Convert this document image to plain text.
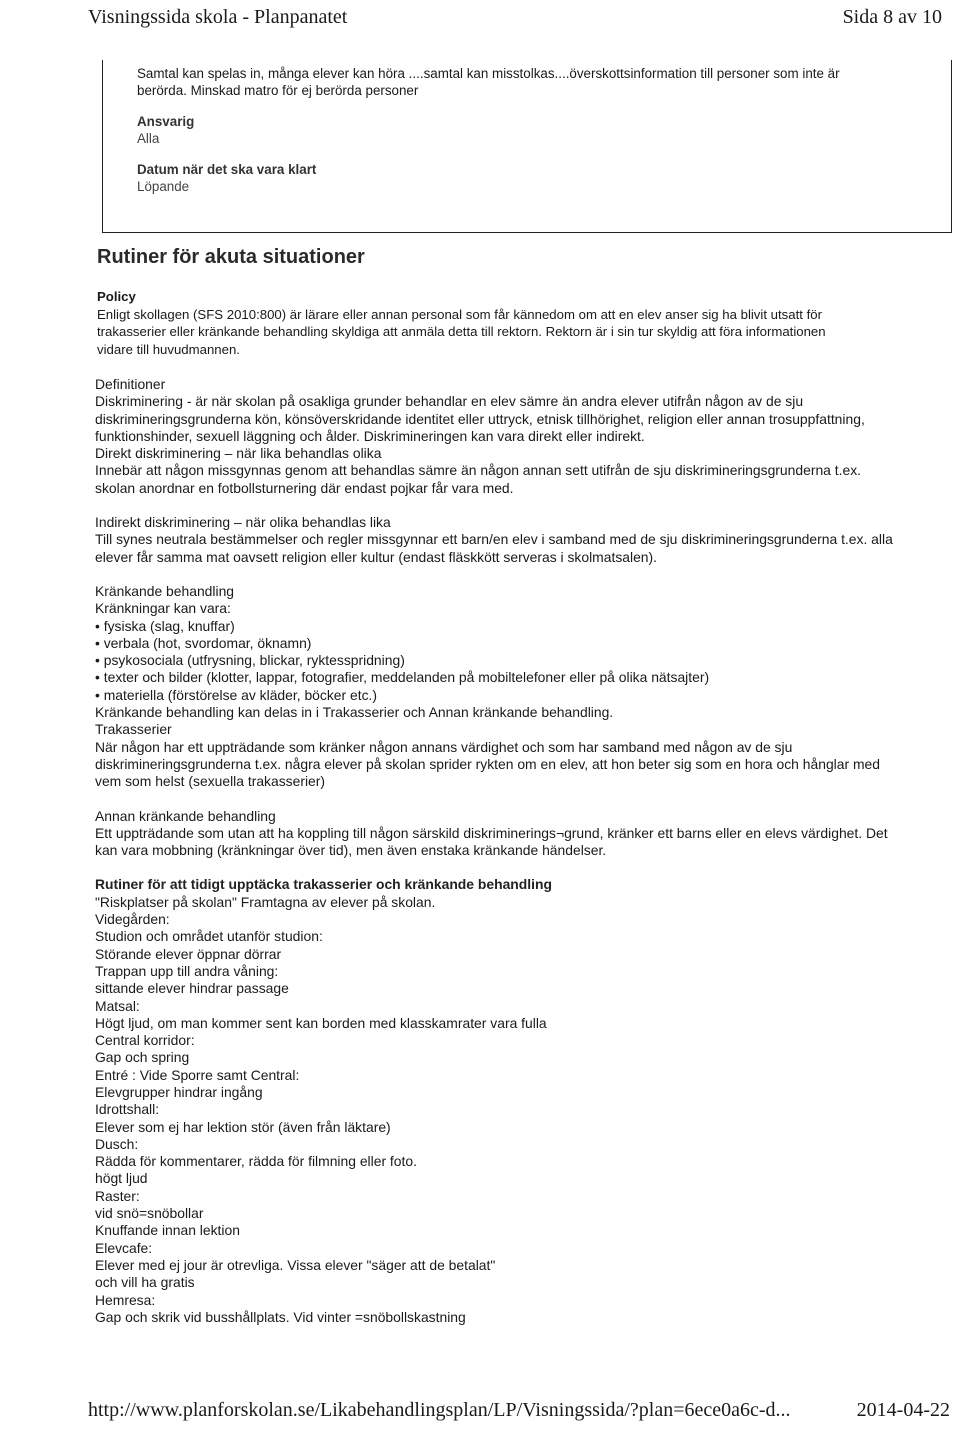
Visningssida skola - Planpanatet	Sida 8 av 10

Samtal kan spelas in, många elever kan höra ....samtal kan misstolkas....överskottsinformation till personer som inte är

berörda. Minskad matro för ej berörda personer

Ansvarig

Alla

Datum när det ska vara klart

Löpande

Rutiner för akuta situationer

Policy

Enligt skollagen (SFS 2010:800) är lärare eller annan personal som får kännedom om att en elev anser sig ha blivit utsatt för

trakasserier eller kränkande behandling skyldiga att anmäla detta till rektorn. Rektorn är i sin tur skyldig att föra informationen

vidare till huvudmannen.

Definitioner

Diskriminering - är när skolan på osakliga grunder behandlar en elev sämre än andra elever utifrån någon av de sju

diskrimineringsgrunderna kön, könsöverskridande identitet eller uttryck, etnisk tillhörighet, religion eller annan trosuppfattning,

funktionshinder, sexuell läggning och ålder. Diskrimineringen kan vara direkt eller indirekt.

Direkt diskriminering – när lika behandlas olika

Innebär att någon missgynnas genom att behandlas sämre än någon annan sett utifrån de sju diskrimineringsgrunderna t.ex.

skolan anordnar en fotbollsturnering där endast pojkar får vara med.

Indirekt diskriminering – när olika behandlas lika

Till synes neutrala bestämmelser och regler missgynnar ett barn/en elev i samband med de sju diskrimineringsgrunderna t.ex. alla

elever får samma mat oavsett religion eller kultur (endast fläskkött serveras i skolmatsalen).

Kränkande behandling

Kränkningar kan vara:

• fysiska (slag, knuffar)

• verbala (hot, svordomar, öknamn)

• psykosociala (utfrysning, blickar, ryktesspridning)

• texter och bilder (klotter, lappar, fotografier, meddelanden på mobiltelefoner eller på olika nätsajter)

• materiella (förstörelse av kläder, böcker etc.)

Kränkande behandling kan delas in i Trakasserier och Annan kränkande behandling.

Trakasserier

När någon har ett uppträdande som kränker någon annans värdighet och som har samband med någon av de sju

diskrimineringsgrunderna t.ex. några elever på skolan sprider rykten om en elev, att hon beter sig som en hora och hånglar med

vem som helst (sexuella trakasserier)

Annan kränkande behandling

Ett uppträdande som utan att ha koppling till någon särskild diskriminerings¬grund, kränker ett barns eller en elevs värdighet. Det

kan vara mobbning (kränkningar över tid), men även enstaka kränkande händelser.

Rutiner för att tidigt upptäcka trakasserier och kränkande behandling

"Riskplatser på skolan" Framtagna av elever på skolan.

Videgården:

Studion och området utanför studion:

Störande elever öppnar dörrar

Trappan upp till andra våning:

sittande elever hindrar passage

Matsal:

Högt ljud, om man kommer sent kan borden med klasskamrater vara fulla

Central korridor:

Gap och spring

Entré : Vide Sporre samt Central:

Elevgrupper hindrar ingång

Idrottshall:

Elever som ej har lektion stör (även från läktare)

Dusch:

Rädda för kommentarer, rädda för filmning eller foto.

högt ljud

Raster:

vid snö=snöbollar

Knuffande innan lektion

Elevcafe:

Elever med ej jour är otrevliga. Vissa elever "säger att de betalat"

och vill ha gratis

Hemresa:

Gap och skrik vid busshållplats. Vid vinter =snöbollskastning

http://www.planforskolan.se/Likabehandlingsplan/LP/Visningssida/?plan=6ece0a6c-d...	2014-04-22
